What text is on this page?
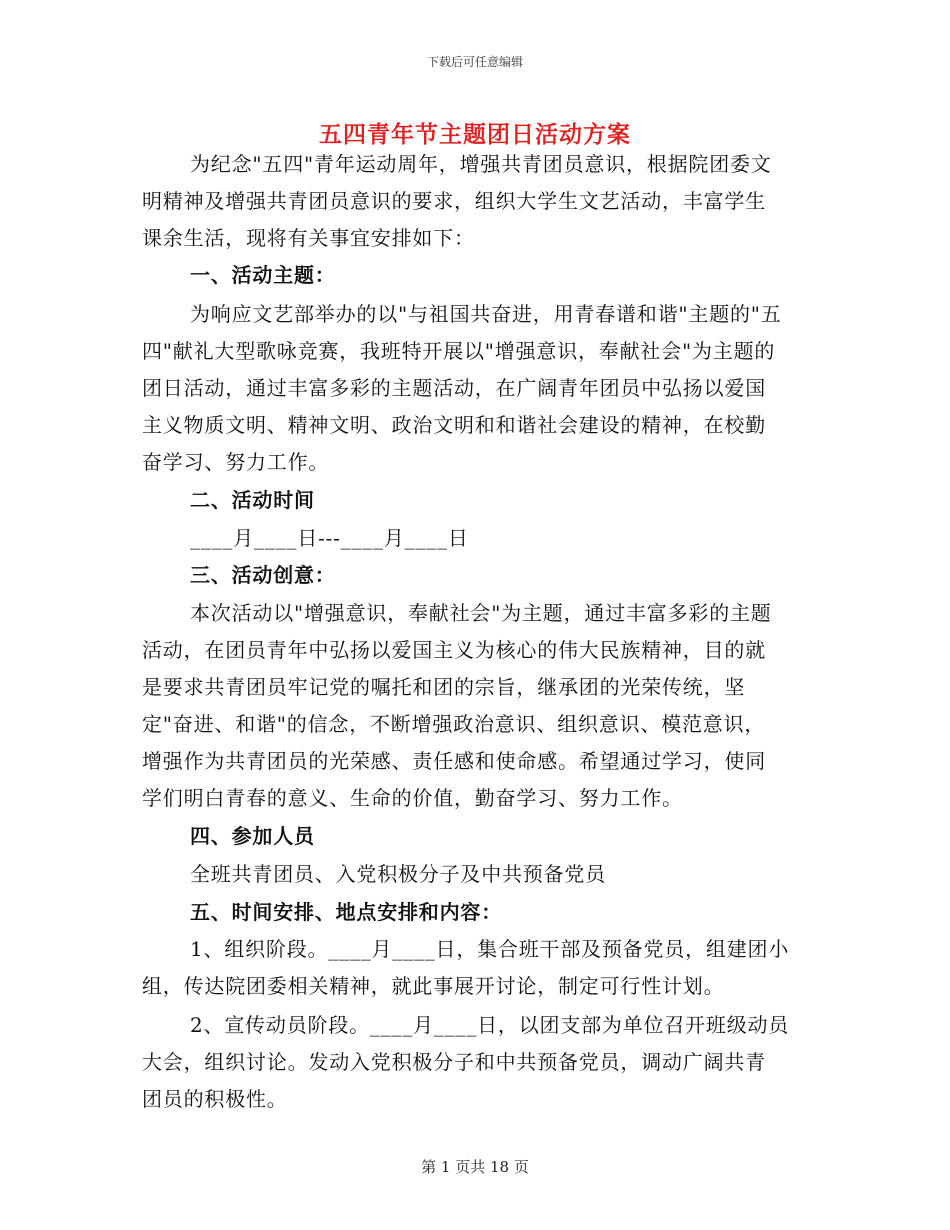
下载后可任意编辑
五四青年节主题团日活动方案
为纪念"五四"青年运动周年，增强共青团员意识，根据院团委文
明精神及增强共青团员意识的要求，组织大学生文艺活动，丰富学生
课余生活，现将有关事宜安排如下：
一、活动主题：
为响应文艺部举办的以"与祖国共奋进，用青春谱和谐"主题的"五
四"献礼大型歌咏竞赛，我班特开展以"增强意识，奉献社会"为主题的
团日活动，通过丰富多彩的主题活动，在广阔青年团员中弘扬以爱国
主义物质文明、精神文明、政治文明和和谐社会建设的精神，在校勤
奋学习、努力工作。
二、活动时间
____月____日---____月____日
三、活动创意：
本次活动以"增强意识，奉献社会"为主题，通过丰富多彩的主题
活动，在团员青年中弘扬以爱国主义为核心的伟大民族精神，目的就
是要求共青团员牢记党的嘱托和团的宗旨，继承团的光荣传统，坚
定"奋进、和谐"的信念，不断增强政治意识、组织意识、模范意识，
增强作为共青团员的光荣感、责任感和使命感。希望通过学习，使同
学们明白青春的意义、生命的价值，勤奋学习、努力工作。
四、参加人员
全班共青团员、入党积极分子及中共预备党员
五、时间安排、地点安排和内容：
1、组织阶段。____月____日，集合班干部及预备党员，组建团小
组，传达院团委相关精神，就此事展开讨论，制定可行性计划。
2、宣传动员阶段。____月____日，以团支部为单位召开班级动员
大会，组织讨论。发动入党积极分子和中共预备党员，调动广阔共青
团员的积极性。
第 1 页共 18 页
